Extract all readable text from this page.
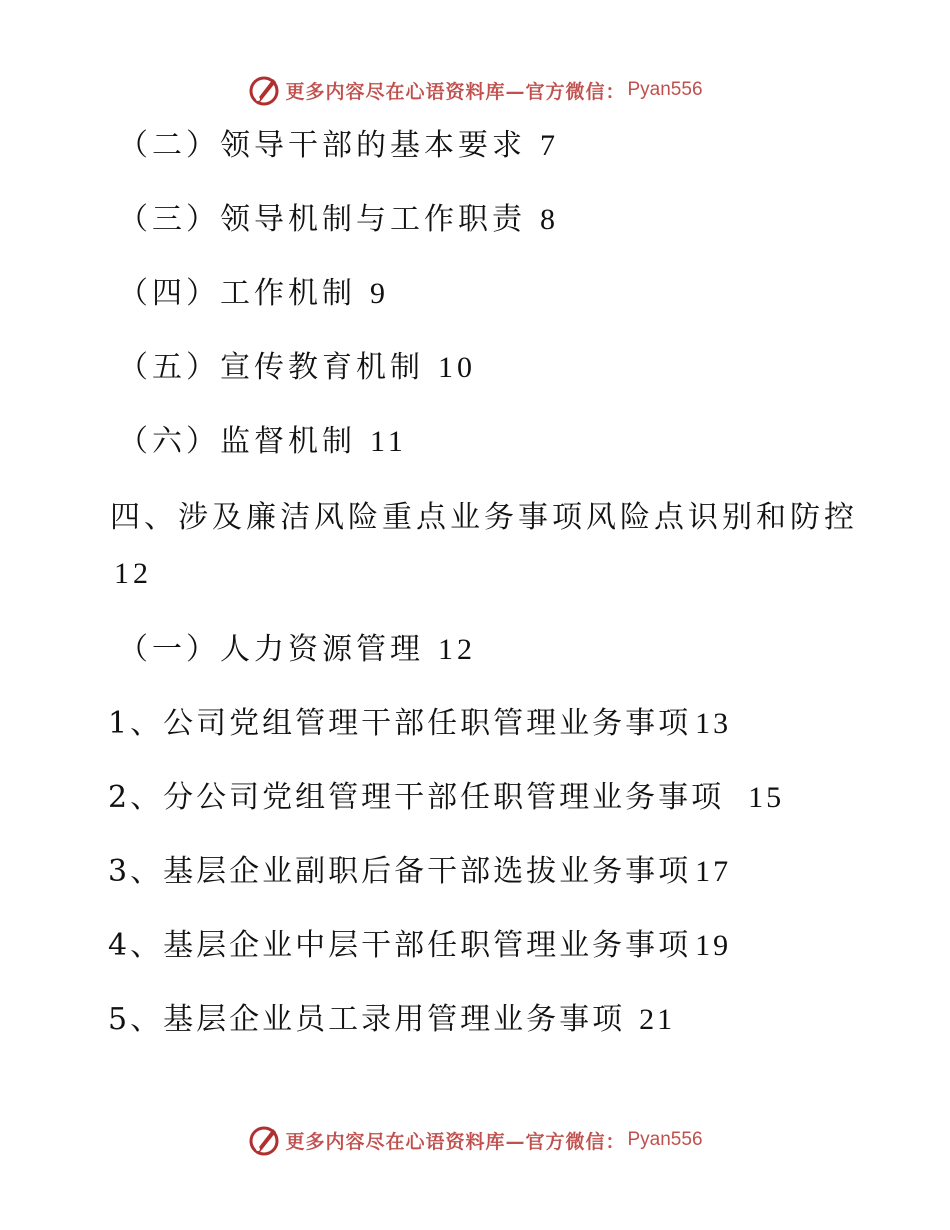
更多内容尽在心语资料库—官方微信： Pyan556
（二）领导干部的基本要求 7
（三）领导机制与工作职责 8
（四）工作机制 9
（五）宣传教育机制 10
（六）监督机制 11
四、涉及廉洁风险重点业务事项风险点识别和防控12
（一）人力资源管理 12
1、公司党组管理干部任职管理业务事项 13
2、分公司党组管理干部任职管理业务事项 15
3、基层企业副职后备干部选拔业务事项 17
4、基层企业中层干部任职管理业务事项 19
5、基层企业员工录用管理业务事项 21
更多内容尽在心语资料库—官方微信： Pyan556
